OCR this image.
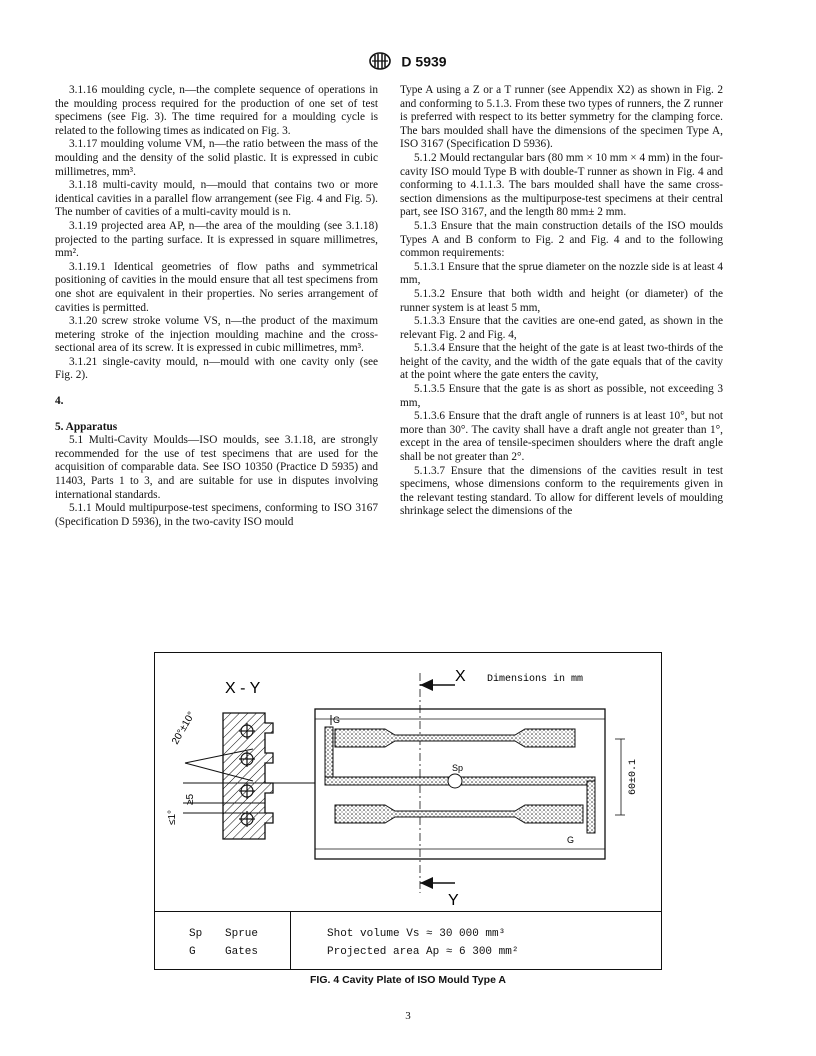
D 5939

3.1.16 moulding cycle, n—the complete sequence of operations in the moulding process required for the production of one set of test specimens (see Fig. 3). The time required for a moulding cycle is related to the following times as indicated on Fig. 3.

3.1.17 moulding volume VM, n—the ratio between the mass of the moulding and the density of the solid plastic. It is expressed in cubic millimetres, mm³.

3.1.18 multi-cavity mould, n—mould that contains two or more identical cavities in a parallel flow arrangement (see Fig. 4 and Fig. 5). The number of cavities of a multi-cavity mould is n.

3.1.19 projected area AP, n—the area of the moulding (see 3.1.18) projected to the parting surface. It is expressed in square millimetres, mm².

3.1.19.1 Identical geometries of flow paths and symmetrical positioning of cavities in the mould ensure that all test specimens from one shot are equivalent in their properties. No series arrangement of cavities is permitted.

3.1.20 screw stroke volume VS, n—the product of the maximum metering stroke of the injection moulding machine and the cross-sectional area of its screw. It is expressed in cubic millimetres, mm³.

3.1.21 single-cavity mould, n—mould with one cavity only (see Fig. 2).

4.
5. Apparatus

5.1 Multi-Cavity Moulds—ISO moulds, see 3.1.18, are strongly recommended for the use of test specimens that are used for the acquisition of comparable data. See ISO 10350 (Practice D 5935) and 11403, Parts 1 to 3, and are suitable for use in disputes involving international standards.

5.1.1 Mould multipurpose-test specimens, conforming to ISO 3167 (Specification D 5936), in the two-cavity ISO mould

Type A using a Z or a T runner (see Appendix X2) as shown in Fig. 2 and conforming to 5.1.3. From these two types of runners, the Z runner is preferred with respect to its better symmetry for the clamping force. The bars moulded shall have the dimensions of the specimen Type A, ISO 3167 (Specification D 5936).

5.1.2 Mould rectangular bars (80 mm × 10 mm × 4 mm) in the four-cavity ISO mould Type B with double-T runner as shown in Fig. 4 and conforming to 4.1.1.3. The bars moulded shall have the same cross-section dimensions as the multipurpose-test specimens at their central part, see ISO 3167, and the length 80 mm± 2 mm.

5.1.3 Ensure that the main construction details of the ISO moulds Types A and B conform to Fig. 2 and Fig. 4 and to the following common requirements:

5.1.3.1 Ensure that the sprue diameter on the nozzle side is at least 4 mm,

5.1.3.2 Ensure that both width and height (or diameter) of the runner system is at least 5 mm,

5.1.3.3 Ensure that the cavities are one-end gated, as shown in the relevant Fig. 2 and Fig. 4,

5.1.3.4 Ensure that the height of the gate is at least two-thirds of the height of the cavity, and the width of the gate equals that of the cavity at the point where the gate enters the cavity,

5.1.3.5 Ensure that the gate is as short as possible, not exceeding 3 mm,

5.1.3.6 Ensure that the draft angle of runners is at least 10°, but not more than 30°. The cavity shall have a draft angle not greater than 1°, except in the area of tensile-specimen shoulders where the draft angle shall be not greater than 2°.

5.1.3.7 Ensure that the dimensions of the cavities result in test specimens, whose dimensions conform to the requirements given in the relevant testing standard. To allow for different levels of moulding shrinkage select the dimensions of the

X - Y
20°±10°
≥5
≤1°
X
Y
Dimensions in mm
Sp
G
G
60±0.1
Sp Sprue
G	Gates
Shot volume Vs ≈ 30 000 mm³
Projected area Ap ≈ 6 300 mm²
FIG. 4 Cavity Plate of ISO Mould Type A
3
